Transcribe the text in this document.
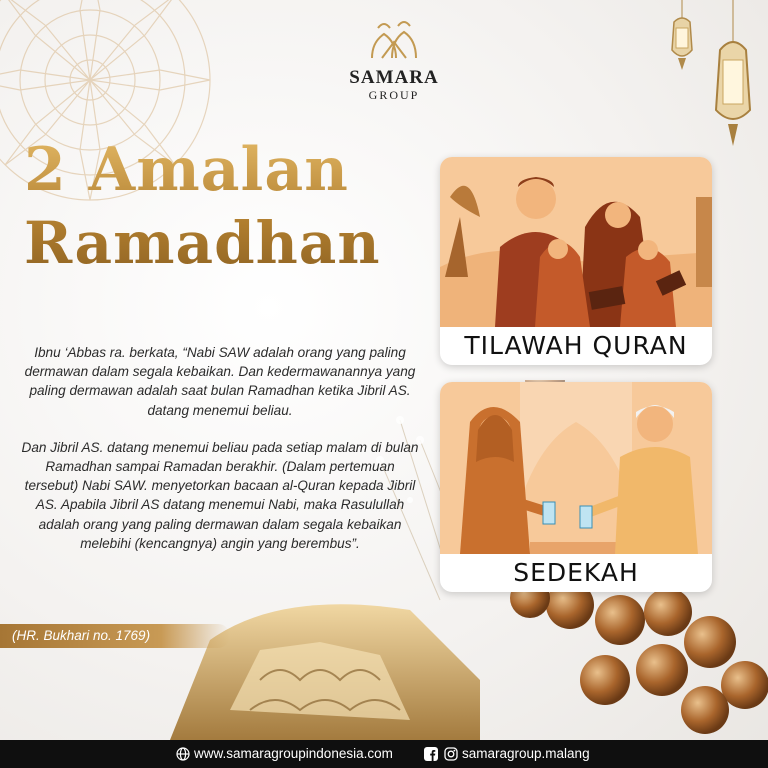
SAMARA
GROUP
2 Amalan
Ramadhan

Ibnu ‘Abbas ra. berkata, “Nabi SAW adalah orang yang paling dermawan dalam segala kebaikan. Dan kedermawanannya yang paling dermawan adalah saat bulan Ramadhan ketika Jibril AS. datang menemui beliau.

Dan Jibril AS. datang menemui beliau pada setiap malam di bulan Ramadhan sampai Ramadan berakhir. (Dalam pertemuan tersebut) Nabi SAW. menyetorkan bacaan al-Quran kepada Jibril AS. Apabila Jibril AS datang menemui Nabi, maka Rasulullah adalah orang yang paling dermawan dalam segala kebaikan melebihi (kencangnya) angin yang berembus”.

(HR. Bukhari no. 1769)
TILAWAH QURAN
SEDEKAH
www.samaragroupindonesia.com	samaragroup.malang
